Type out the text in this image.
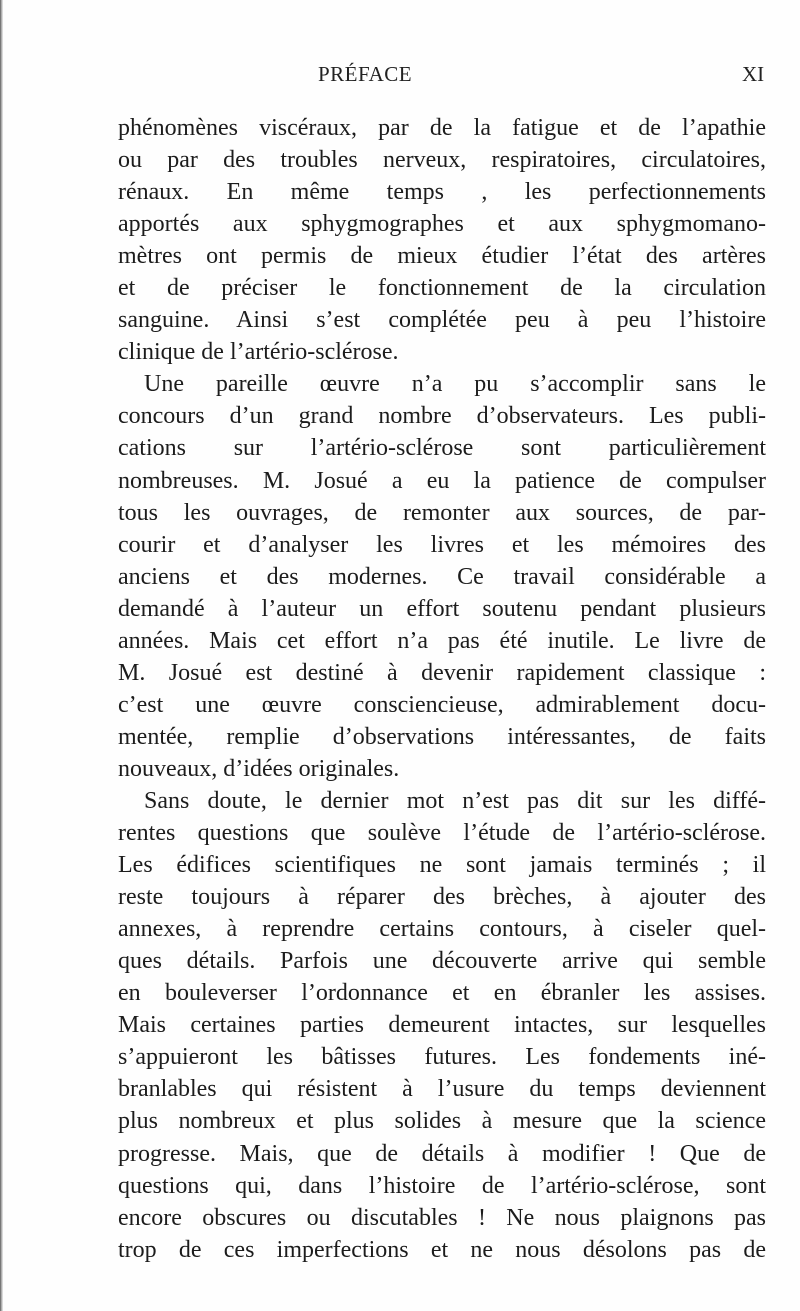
PRÉFACE	XI
phénomènes viscéraux, par de la fatigue et de l’apathie
ou par des troubles nerveux, respiratoires, circulatoires,
rénaux. En même temps , les perfectionnements
apportés aux sphygmographes et aux sphygmomano-
mètres ont permis de mieux étudier l’état des artères
et de préciser le fonctionnement de la circulation
sanguine. Ainsi s’est complétée peu à peu l’histoire
clinique de l’artério-sclérose.
Une pareille œuvre n’a pu s’accomplir sans le
concours d’un grand nombre d’observateurs. Les publi-
cations sur l’artério-sclérose sont particulièrement
nombreuses. M. Josué a eu la patience de compulser
tous les ouvrages, de remonter aux sources, de par-
courir et d’analyser les livres et les mémoires des
anciens et des modernes. Ce travail considérable a
demandé à l’auteur un effort soutenu pendant plusieurs
années. Mais cet effort n’a pas été inutile. Le livre de
M. Josué est destiné à devenir rapidement classique :
c’est une œuvre consciencieuse, admirablement docu-
mentée, remplie d’observations intéressantes, de faits
nouveaux, d’idées originales.
Sans doute, le dernier mot n’est pas dit sur les diffé-
rentes questions que soulève l’étude de l’artério-sclérose.
Les édifices scientifiques ne sont jamais terminés ; il
reste toujours à réparer des brèches, à ajouter des
annexes, à reprendre certains contours, à ciseler quel-
ques détails. Parfois une découverte arrive qui semble
en bouleverser l’ordonnance et en ébranler les assises.
Mais certaines parties demeurent intactes, sur lesquelles
s’appuieront les bâtisses futures. Les fondements iné-
branlables qui résistent à l’usure du temps deviennent
plus nombreux et plus solides à mesure que la science
progresse. Mais, que de détails à modifier ! Que de
questions qui, dans l’histoire de l’artério-sclérose, sont
encore obscures ou discutables ! Ne nous plaignons pas
trop de ces imperfections et ne nous désolons pas de
